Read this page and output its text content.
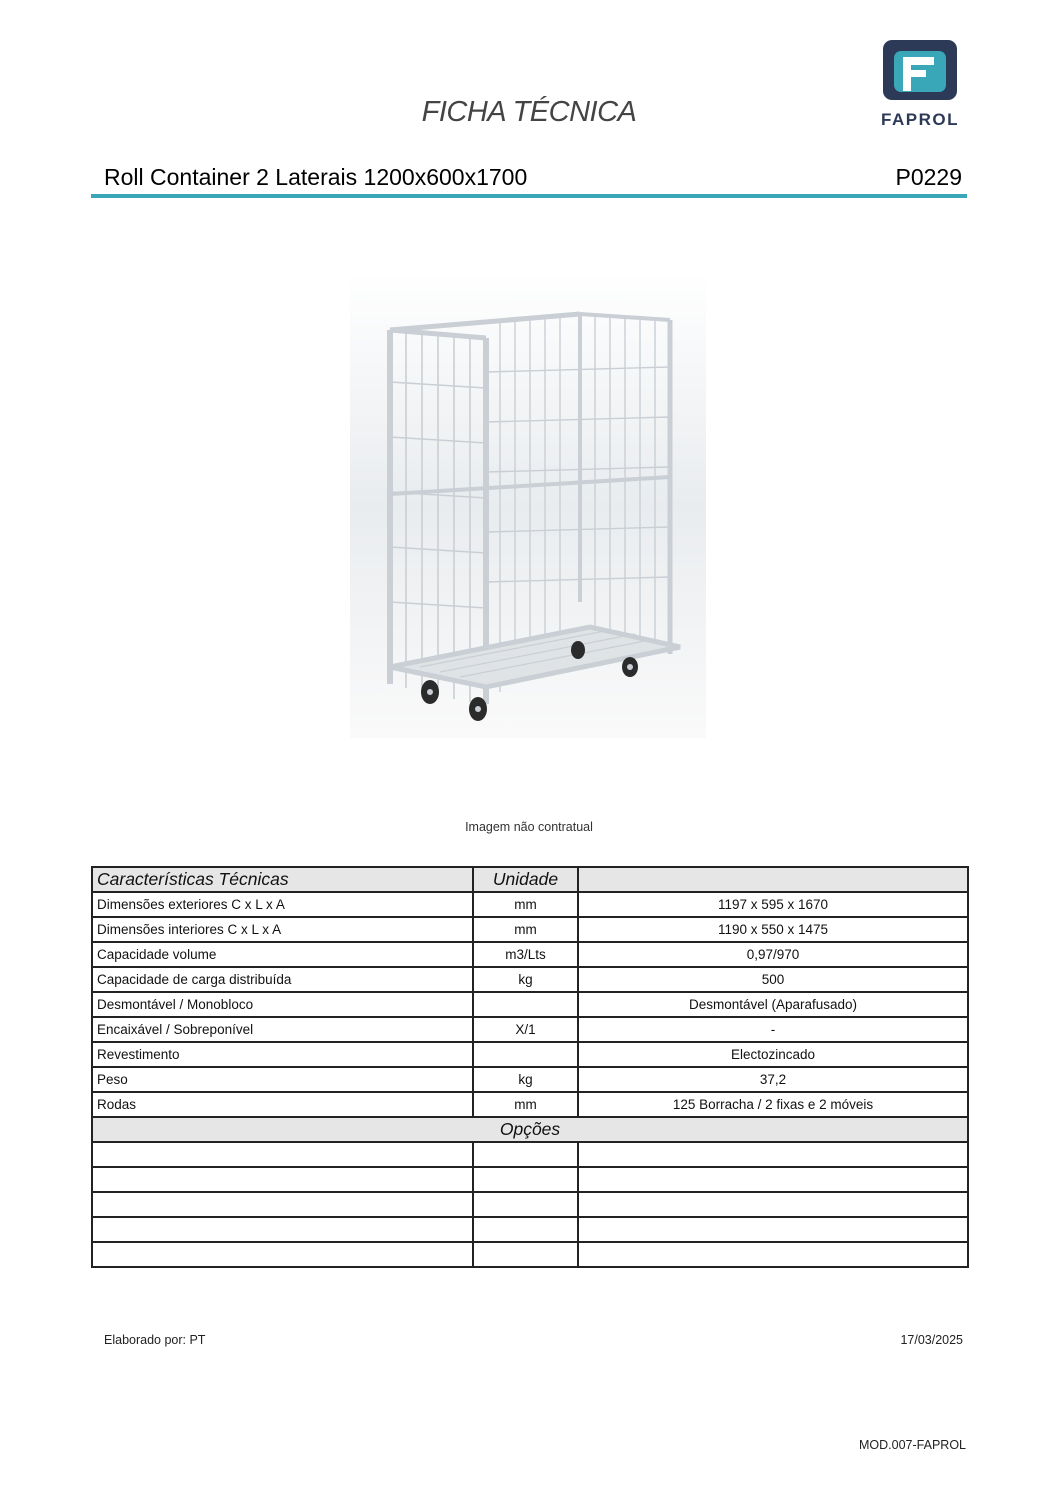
FICHA TÉCNICA	FAPROL
Roll Container 2 Laterais 1200x600x1700	P0229
Imagem não contratual
Características Técnicas	Unidade	
Dimensões exteriores C x L x A	mm	1197 x 595 x 1670
Dimensões interiores C x L x A	mm	1190 x 550 x 1475
Capacidade volume	m3/Lts	0,97/970
Capacidade de carga distribuída	kg	500
Desmontável / Monobloco		Desmontável (Aparafusado)
Encaixável / Sobreponível	X/1	-
Revestimento		Electozincado
Peso	kg	37,2
Rodas	mm	125 Borracha / 2 fixas e 2 móveis
Opções		

Elaborado por: PT	17/03/2025
MOD.007-FAPROL
